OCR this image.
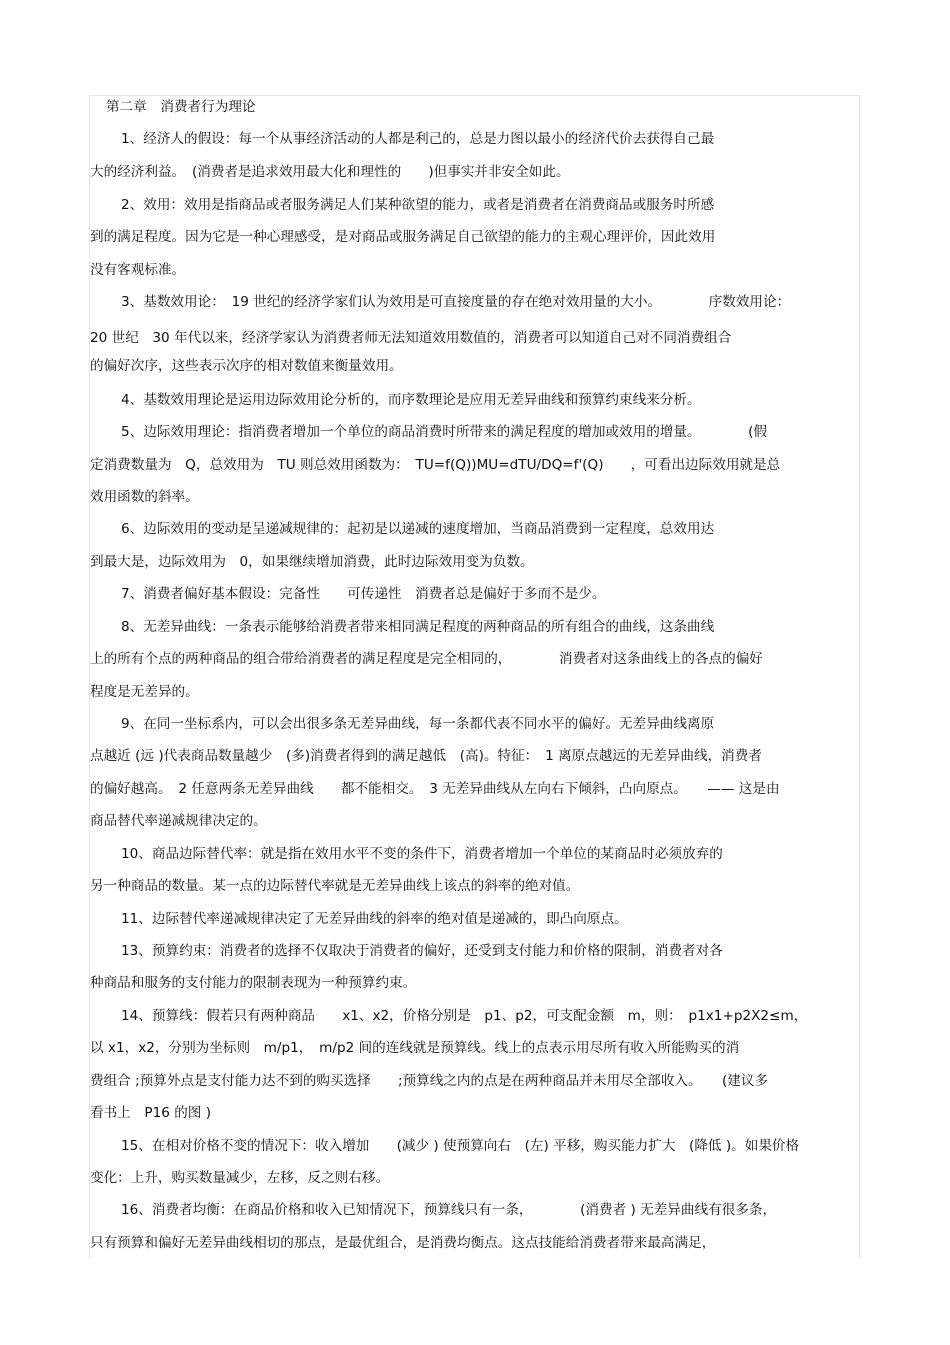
第二章　消费者行为理论
1、经济人的假设：每一个从事经济活动的人都是利己的，总是力图以最小的经济代价去获得自己最
大的经济利益。　(消费者是追求效用最大化和理性的　　)但事实并非安全如此。
2、效用：效用是指商品或者服务满足人们某种欲望的能力，或者是消费者在消费商品或服务时所感
到的满足程度。因为它是一种心理感受，是对商品或服务满足自己欲望的能力的主观心理评价，因此效用
没有客观标准。
3、基数效用论：　19 世纪的经济学家们认为效用是可直接度量的存在绝对效用量的大小。　　　　序数效用论：
20 世纪　30 年代以来，经济学家认为消费者师无法知道效用数值的，消费者可以知道自己对不同消费组合
的偏好次序，这些表示次序的相对数值来衡量效用。
4、基数效用理论是运用边际效用论分析的，而序数理论是应用无差异曲线和预算约束线来分析。
5、边际效用理论：指消费者增加一个单位的商品消费时所带来的满足程度的增加或效用的增量。　　　　(假
定消费数量为　Q，总效用为　TU 则总效用函数为：　TU=f(Q))MU=dTU/DQ=f'(Q)　　，可看出边际效用就是总
效用函数的斜率。
6、边际效用的变动是呈递减规律的：起初是以递减的速度增加，当商品消费到一定程度，总效用达
到最大是，边际效用为　0，如果继续增加消费，此时边际效用变为负数。
7、消费者偏好基本假设：完备性　　可传递性　消费者总是偏好于多而不是少。
8、无差异曲线：一条表示能够给消费者带来相同满足程度的两种商品的所有组合的曲线，这条曲线
上的所有个点的两种商品的组合带给消费者的满足程度是完全相同的，　　　　消费者对这条曲线上的各点的偏好
程度是无差异的。
9、在同一坐标系内，可以会出很多条无差异曲线，每一条都代表不同水平的偏好。无差异曲线离原
点越近 (远 )代表商品数量越少　(多)消费者得到的满足越低　(高)。特征：　1 离原点越远的无差异曲线，消费者
的偏好越高。　2 任意两条无差异曲线　　都不能相交。　3 无差异曲线从左向右下倾斜，凸向原点。　　—— 这是由
商品替代率递减规律决定的。
10、商品边际替代率：就是指在效用水平不变的条件下，消费者增加一个单位的某商品时必须放弃的
另一种商品的数量。某一点的边际替代率就是无差异曲线上该点的斜率的绝对值。
11、边际替代率递减规律决定了无差异曲线的斜率的绝对值是递减的，即凸向原点。
13、预算约束：消费者的选择不仅取决于消费者的偏好，还受到支付能力和价格的限制，消费者对各
种商品和服务的支付能力的限制表现为一种预算约束。
14、预算线：假若只有两种商品　　x1、x2，价格分别是　p1、p2，可支配金额　m，则：　p1x1+p2X2≤m，
以 x1，x2，分别为坐标则　m/p1，　m/p2 间的连线就是预算线。线上的点表示用尽所有收入所能购买的消
费组合 ;预算外点是支付能力达不到的购买选择　　;预算线之内的点是在两种商品并未用尽全部收入。　　(建议多
看书上　P16 的图 )
15、在相对价格不变的情况下：收入增加　　(减少 ) 使预算向右　(左) 平移，购买能力扩大　(降低 )。如果价格
变化：上升，购买数量减少，左移，反之则右移。
16、消费者均衡：在商品价格和收入已知情况下，预算线只有一条，　　　　(消费者 ) 无差异曲线有很多条，
只有预算和偏好无差异曲线相切的那点，是最优组合，是消费均衡点。这点技能给消费者带来最高满足，
